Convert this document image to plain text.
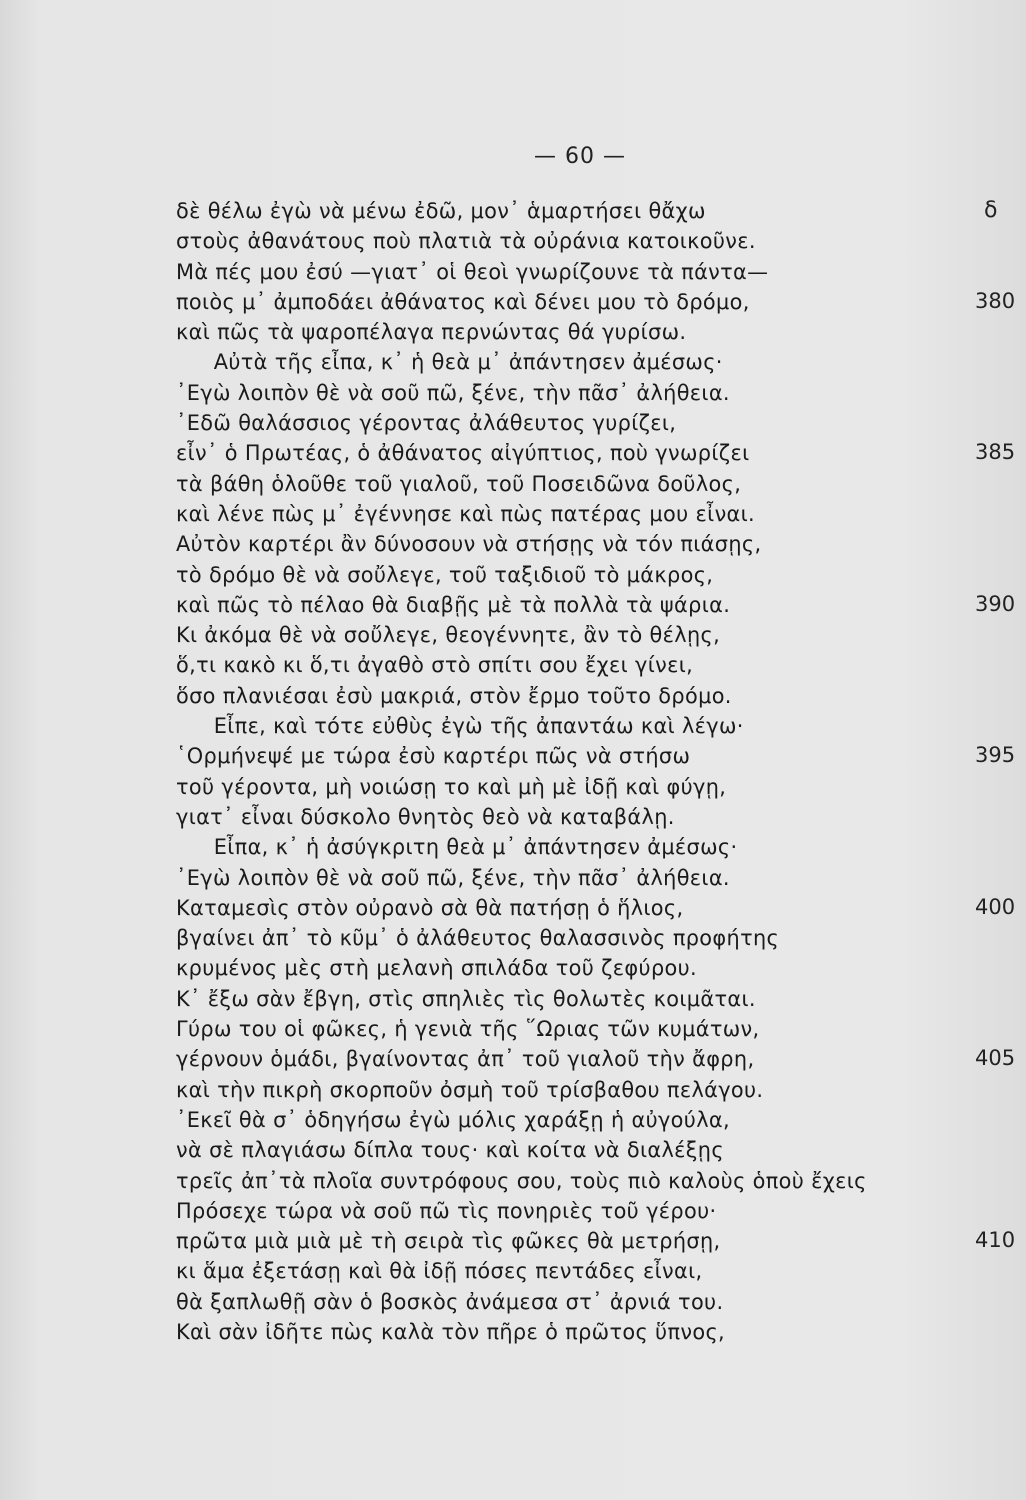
— 60 —
δ
380
385
390
395
400
405
410
δὲ θέλω ἐγὼ νὰ μένω ἐδῶ, μον᾽ ἁμαρτήσει θἄχω
στοὺς ἀθανάτους ποὺ πλατιὰ τὰ οὐράνια κατοικοῦνε.
Μὰ πές μου ἐσύ —γιατ᾽ οἱ θεοὶ γνωρίζουνε τὰ πάντα—
ποιὸς μ᾽ ἀμποδάει ἀθάνατος καὶ δένει μου τὸ δρόμο,
καὶ πῶς τὰ ψαροπέλαγα περνώντας θά γυρίσω.
Αὐτὰ τῆς εἶπα, κ᾽ ἡ θεὰ μ᾽ ἀπάντησεν ἀμέσως·
᾽Εγὼ λοιπὸν θὲ νὰ σοῦ πῶ, ξένε, τὴν πᾶσ᾽ ἀλήθεια.
᾽Εδῶ θαλάσσιος γέροντας ἀλάθευτος γυρίζει,
εἶν᾽ ὁ Πρωτέας, ὁ ἀθάνατος αἰγύπτιος, ποὺ γνωρίζει
τὰ βάθη ὁλοῦθε τοῦ γιαλοῦ, τοῦ Ποσειδῶνα δοῦλος,
καὶ λένε πὼς μ᾽ ἐγέννησε καὶ πὼς πατέρας μου εἶναι.
Αὐτὸν καρτέρι ἂν δύνοσουν νὰ στήσῃς νὰ τόν πιάσῃς,
τὸ δρόμο θὲ νὰ σοὔλεγε, τοῦ ταξιδιοῦ τὸ μάκρος,
καὶ πῶς τὸ πέλαο θὰ διαβῇς μὲ τὰ πολλὰ τὰ ψάρια.
Κι ἀκόμα θὲ νὰ σοὔλεγε, θεογέννητε, ἂν τὸ θέλῃς,
ὅ,τι κακὸ κι ὅ,τι ἀγαθὸ στὸ σπίτι σου ἔχει γίνει,
ὅσο πλανιέσαι ἐσὺ μακριά, στὸν ἔρμο τοῦτο δρόμο.
Εἶπε, καὶ τότε εὐθὺς ἐγὼ τῆς ἀπαντάω καὶ λέγω·
῾Ορμήνεψέ με τώρα ἐσὺ καρτέρι πῶς νὰ στήσω
τοῦ γέροντα, μὴ νοιώσῃ το καὶ μὴ μὲ ἰδῇ καὶ φύγῃ,
γιατ᾽ εἶναι δύσκολο θνητὸς θεὸ νὰ καταβάλῃ.
Εἶπα, κ᾽ ἡ ἀσύγκριτη θεὰ μ᾽ ἀπάντησεν ἀμέσως·
᾽Εγὼ λοιπὸν θὲ νὰ σοῦ πῶ, ξένε, τὴν πᾶσ᾽ ἀλήθεια.
Καταμεσὶς στὸν οὐρανὸ σὰ θὰ πατήσῃ ὁ ἥλιος,
βγαίνει ἀπ᾽ τὸ κῦμ᾽ ὁ ἀλάθευτος θαλασσινὸς προφήτης
κρυμένος μὲς στὴ μελανὴ σπιλάδα τοῦ ζεφύρου.
Κ᾽ ἔξω σὰν ἔβγη, στὶς σπηλιὲς τὶς θολωτὲς κοιμᾶται.
Γύρω του οἱ φῶκες, ἡ γενιὰ τῆς ῞Ωριας τῶν κυμάτων,
γέρνουν ὁμάδι, βγαίνοντας ἀπ᾽ τοῦ γιαλοῦ τὴν ἄφρη,
καὶ τὴν πικρὴ σκορποῦν ὀσμὴ τοῦ τρίσβαθου πελάγου.
᾽Εκεῖ θὰ σ᾽ ὁδηγήσω ἐγὼ μόλις χαράξῃ ἡ αὐγούλα,
νὰ σὲ πλαγιάσω δίπλα τους· καὶ κοίτα νὰ διαλέξῃς
τρεῖς ἀπ᾽τὰ πλοῖα συντρόφους σου, τοὺς πιὸ καλοὺς ὁποὺ ἔχεις
Πρόσεχε τώρα νὰ σοῦ πῶ τὶς πονηριὲς τοῦ γέρου·
πρῶτα μιὰ μιὰ μὲ τὴ σειρὰ τὶς φῶκες θὰ μετρήσῃ,
κι ἅμα ἐξετάσῃ καὶ θὰ ἰδῇ πόσες πεντάδες εἶναι,
θὰ ξαπλωθῇ σὰν ὁ βοσκὸς ἀνάμεσα στ᾽ ἀρνιά του.
Καὶ σὰν ἰδῆτε πὼς καλὰ τὸν πῆρε ὁ πρῶτος ὕπνος,
